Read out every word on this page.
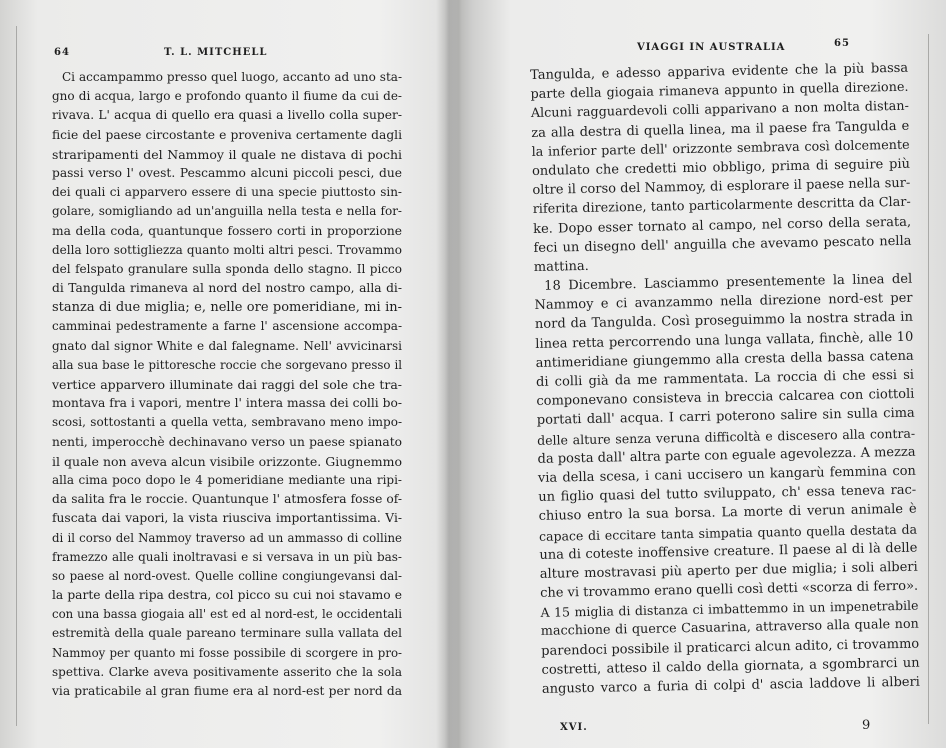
64	T. L. MITCHELL
Ci accampammo presso quel luogo, accanto ad uno sta-
gno di acqua, largo e profondo quanto il fiume da cui de-
rivava. L' acqua di quello era quasi a livello colla super-
ficie del paese circostante e proveniva certamente dagli
straripamenti del Nammoy il quale ne distava di pochi
passi verso l' ovest. Pescammo alcuni piccoli pesci, due
dei quali ci apparvero essere di una specie piuttosto sin-
golare, somigliando ad un'anguilla nella testa e nella for-
ma della coda, quantunque fossero corti in proporzione
della loro sottigliezza quanto molti altri pesci. Trovammo
del felspato granulare sulla sponda dello stagno. Il picco
di Tangulda rimaneva al nord del nostro campo, alla di-
stanza di due miglia; e, nelle ore pomeridiane, mi in-
camminai pedestramente a farne l' ascensione accompa-
gnato dal signor White e dal falegname. Nell' avvicinarsi
alla sua base le pittoresche roccie che sorgevano presso il
vertice apparvero illuminate dai raggi del sole che tra-
montava fra i vapori, mentre l' intera massa dei colli bo-
scosi, sottostanti a quella vetta, sembravano meno impo-
nenti, imperocchè dechinavano verso un paese spianato
il quale non aveva alcun visibile orizzonte. Giugnemmo
alla cima poco dopo le 4 pomeridiane mediante una ripi-
da salita fra le roccie. Quantunque l' atmosfera fosse of-
fuscata dai vapori, la vista riusciva importantissima. Vi-
di il corso del Nammoy traverso ad un ammasso di colline
framezzo alle quali inoltravasi e si versava in un più bas-
so paese al nord-ovest. Quelle colline congiungevansi dal-
la parte della ripa destra, col picco su cui noi stavamo e
con una bassa giogaia all' est ed al nord-est, le occidentali
estremità della quale pareano terminare sulla vallata del
Nammoy per quanto mi fosse possibile di scorgere in pro-
spettiva. Clarke aveva positivamente asserito che la sola
via praticabile al gran fiume era al nord-est per nord da
VIAGGI IN AUSTRALIA	65
Tangulda, e adesso appariva evidente che la più bassa
parte della giogaia rimaneva appunto in quella direzione.
Alcuni ragguardevoli colli apparivano a non molta distan-
za alla destra di quella linea, ma il paese fra Tangulda e
la inferior parte dell' orizzonte sembrava così dolcemente
ondulato che credetti mio obbligo, prima di seguire più
oltre il corso del Nammoy, di esplorare il paese nella sur-
riferita direzione, tanto particolarmente descritta da Clar-
ke. Dopo esser tornato al campo, nel corso della serata,
feci un disegno dell' anguilla che avevamo pescato nella
mattina.
18 Dicembre. Lasciammo presentemente la linea del
Nammoy e ci avanzammo nella direzione nord-est per
nord da Tangulda. Così proseguimmo la nostra strada in
linea retta percorrendo una lunga vallata, finchè, alle 10
antimeridiane giungemmo alla cresta della bassa catena
di colli già da me rammentata. La roccia di che essi si
componevano consisteva in breccia calcarea con ciottoli
portati dall' acqua. I carri poterono salire sin sulla cima
delle alture senza veruna difficoltà e discesero alla contra-
da posta dall' altra parte con eguale agevolezza. A mezza
via della scesa, i cani uccisero un kangarù femmina con
un figlio quasi del tutto sviluppato, ch' essa teneva rac-
chiuso entro la sua borsa. La morte di verun animale è
capace di eccitare tanta simpatia quanto quella destata da
una di coteste inoffensive creature. Il paese al di là delle
alture mostravasi più aperto per due miglia; i soli alberi
che vi trovammo erano quelli così detti «scorza di ferro».
A 15 miglia di distanza ci imbattemmo in un impenetrabile
macchione di querce Casuarina, attraverso alla quale non
parendoci possibile il praticarci alcun adito, ci trovammo
costretti, atteso il caldo della giornata, a sgombrarci un
angusto varco a furia di colpi d' ascia laddove li alberi
XVI.	9
